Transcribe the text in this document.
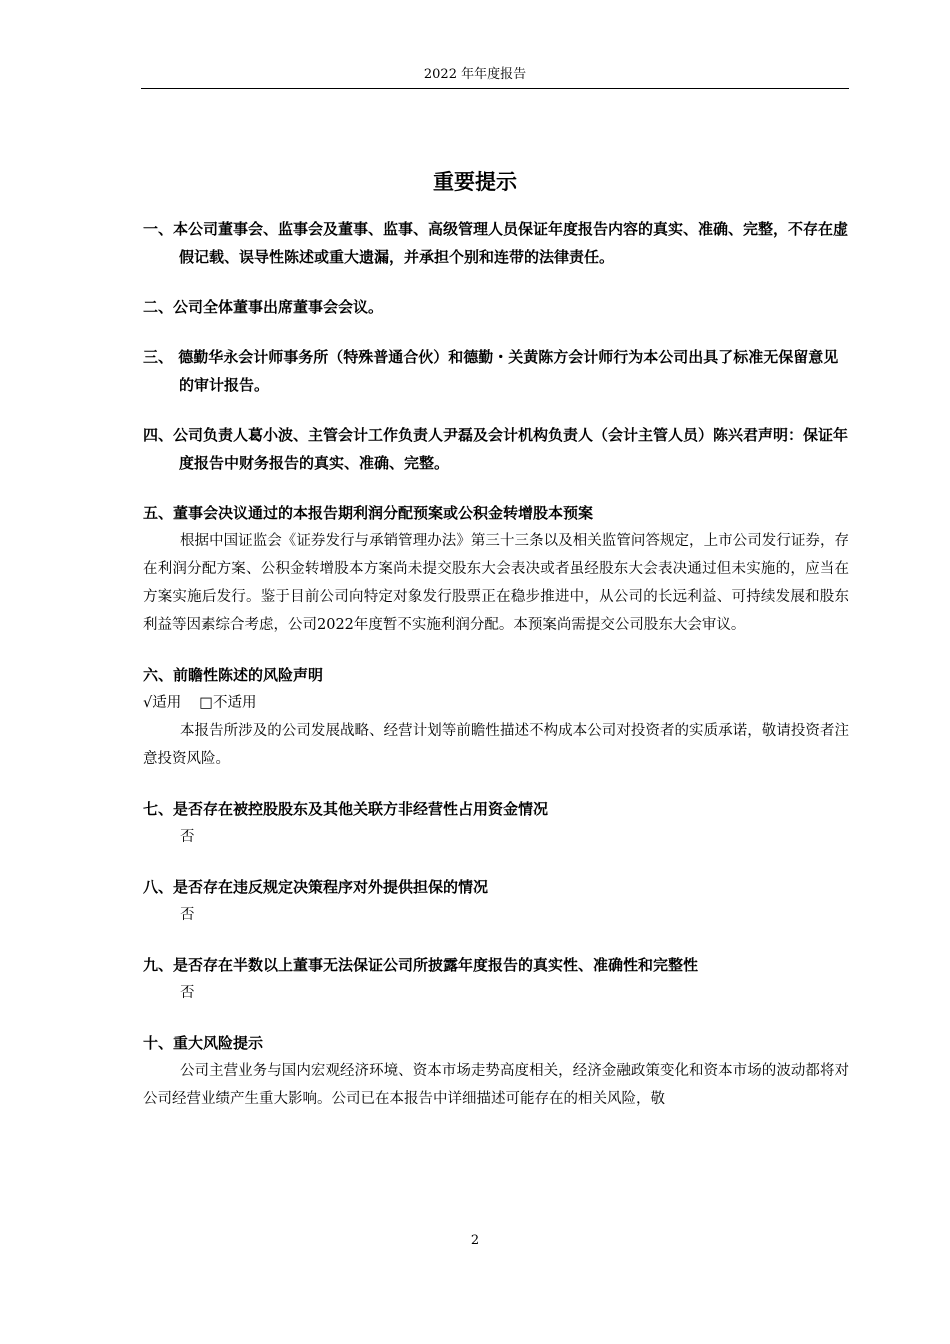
2022 年年度报告
重要提示
一、本公司董事会、监事会及董事、监事、高级管理人员保证年度报告内容的真实、准确、完整，不存在虚假记载、误导性陈述或重大遗漏，并承担个别和连带的法律责任。
二、公司全体董事出席董事会会议。
三、 德勤华永会计师事务所（特殊普通合伙）和德勤・关黄陈方会计师行为本公司出具了标准无保留意见的审计报告。
四、公司负责人葛小波、主管会计工作负责人尹磊及会计机构负责人（会计主管人员）陈兴君声明：保证年度报告中财务报告的真实、准确、完整。
五、董事会决议通过的本报告期利润分配预案或公积金转增股本预案
根据中国证监会《证券发行与承销管理办法》第三十三条以及相关监管问答规定，上市公司发行证券，存在利润分配方案、公积金转增股本方案尚未提交股东大会表决或者虽经股东大会表决通过但未实施的，应当在方案实施后发行。鉴于目前公司向特定对象发行股票正在稳步推进中，从公司的长远利益、可持续发展和股东利益等因素综合考虑，公司2022年度暂不实施利润分配。本预案尚需提交公司股东大会审议。
六、前瞻性陈述的风险声明
√适用 □不适用
本报告所涉及的公司发展战略、经营计划等前瞻性描述不构成本公司对投资者的实质承诺，敬请投资者注意投资风险。
七、是否存在被控股股东及其他关联方非经营性占用资金情况
否
八、是否存在违反规定决策程序对外提供担保的情况
否
九、是否存在半数以上董事无法保证公司所披露年度报告的真实性、准确性和完整性
否
十、重大风险提示
公司主营业务与国内宏观经济环境、资本市场走势高度相关，经济金融政策变化和资本市场的波动都将对公司经营业绩产生重大影响。公司已在本报告中详细描述可能存在的相关风险，敬
2
